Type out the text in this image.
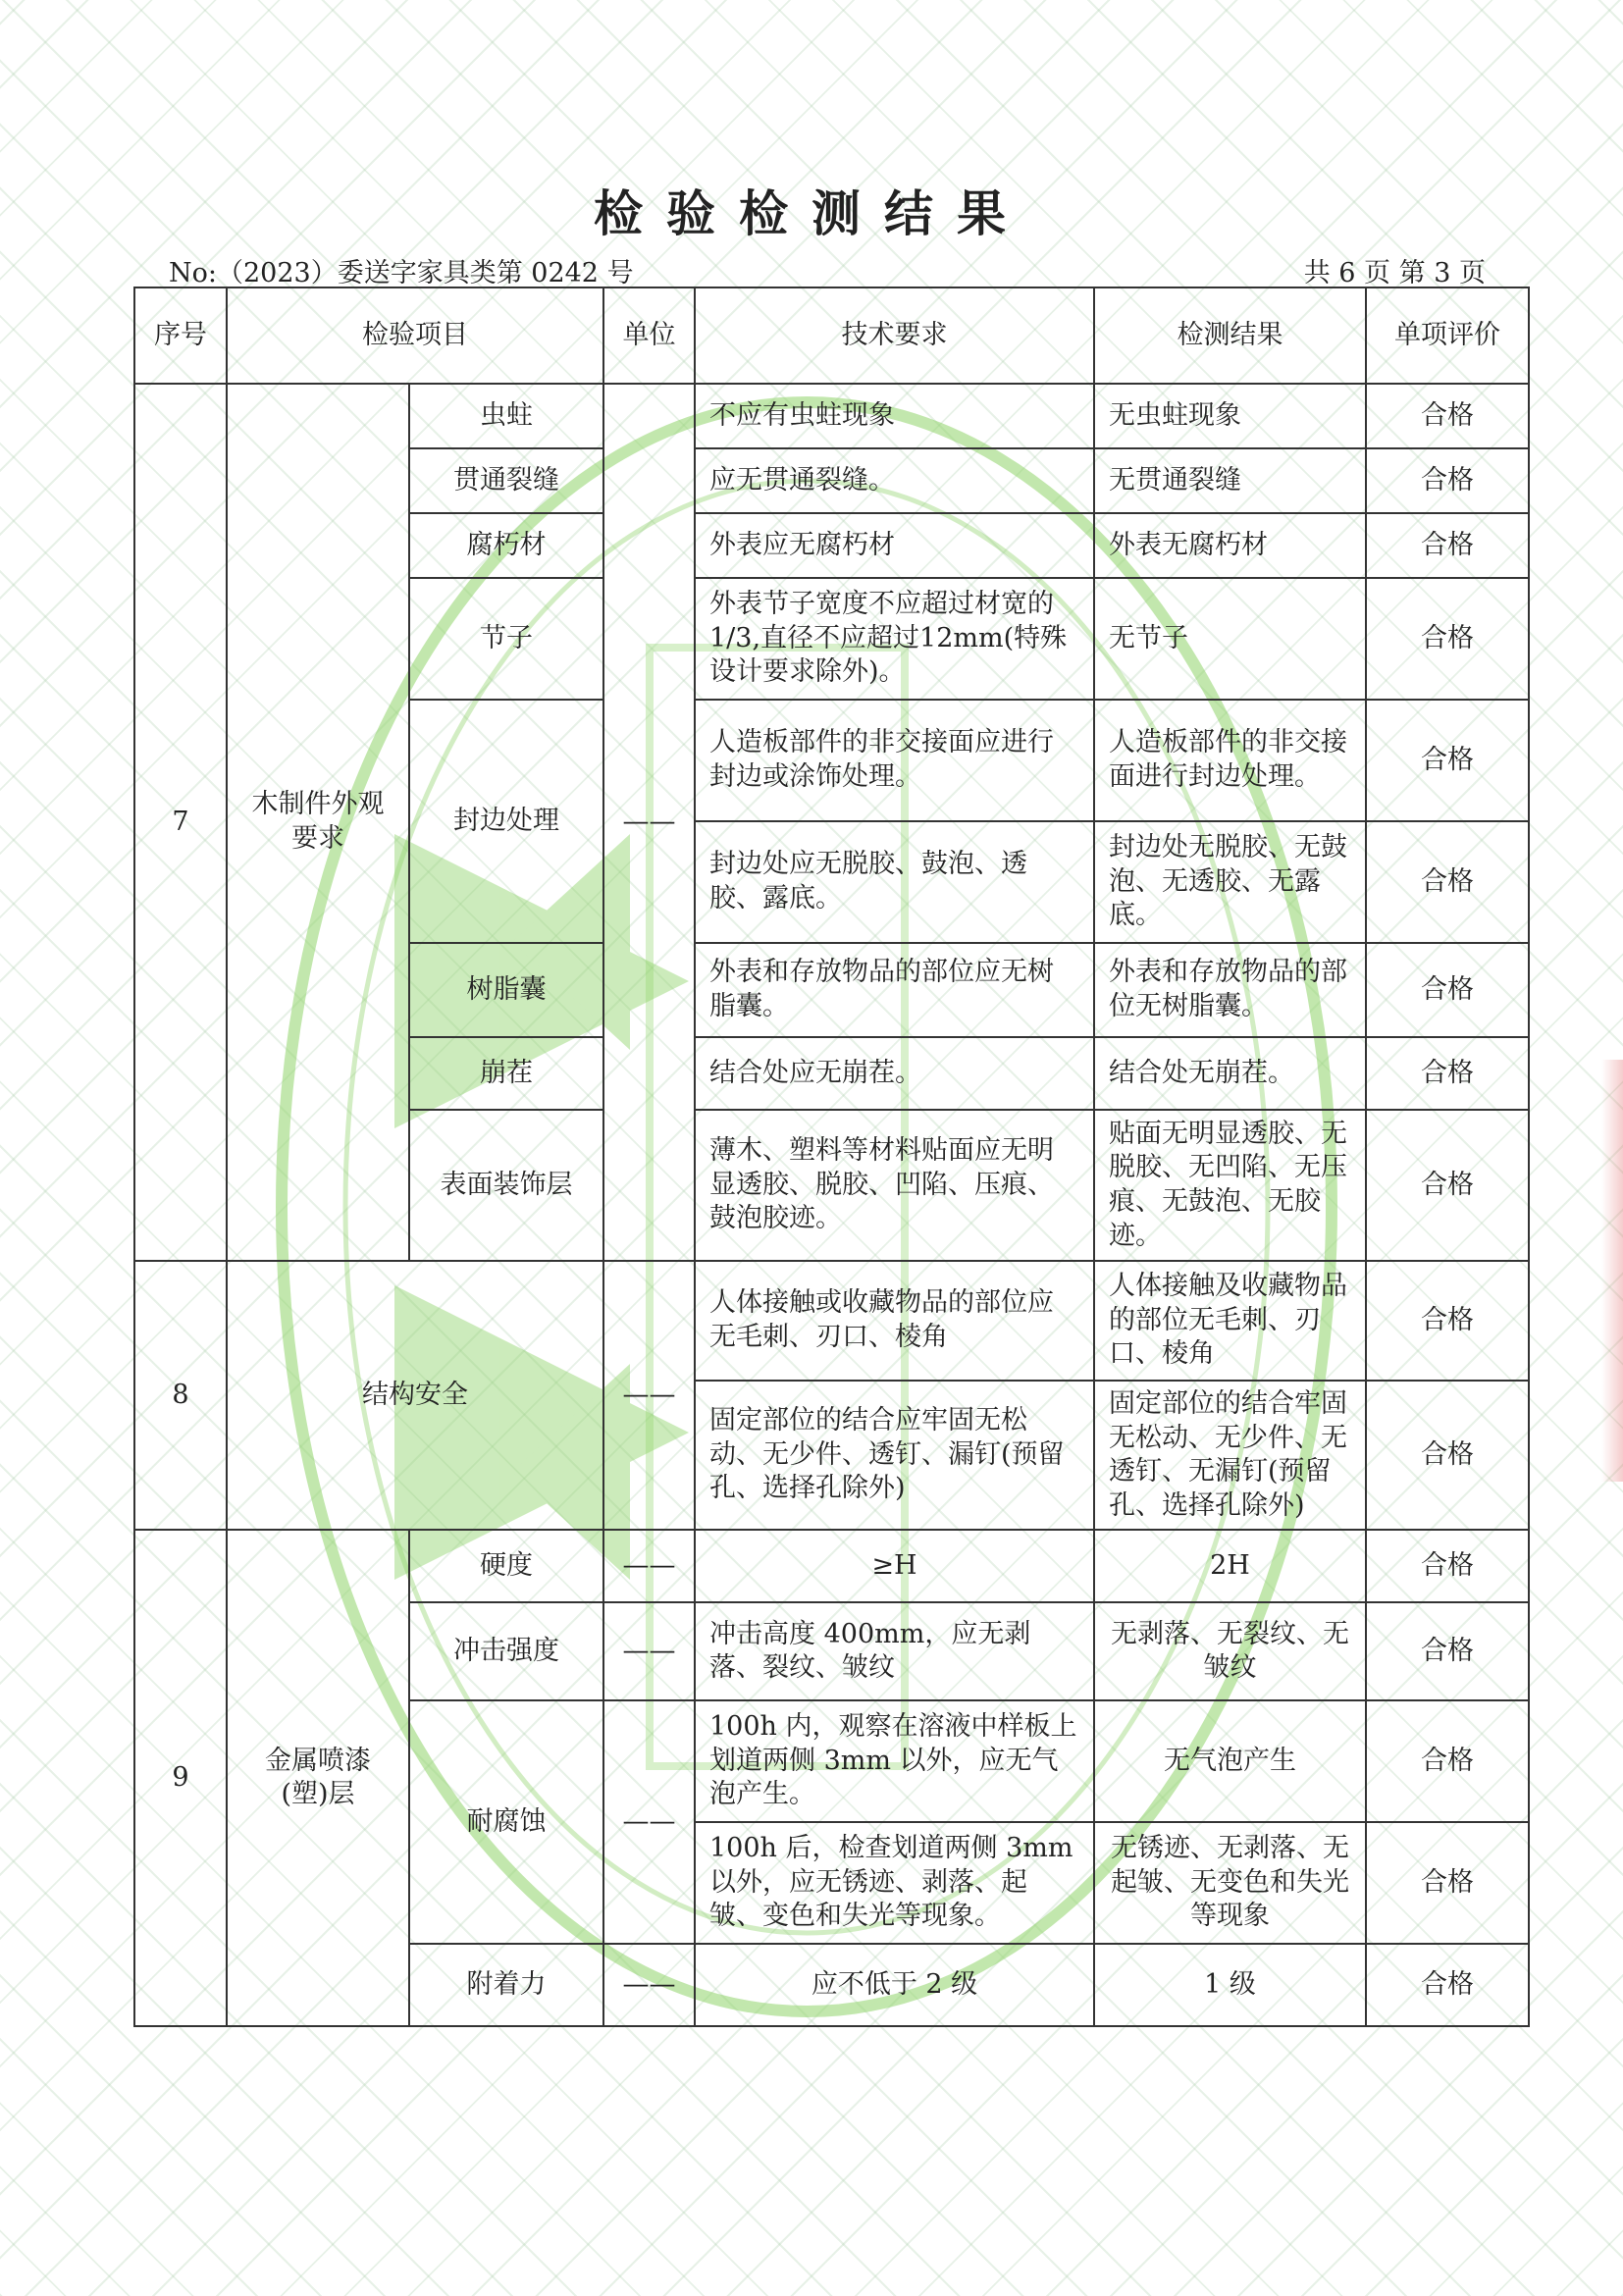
检验检测结果
No:（2023）委送字家具类第 0242 号	共 6 页 第 3 页
序号	检验项目		单位	技术要求	检测结果	单项评价
7	木制件外观要求	虫蛀	——	不应有虫蛀现象	无虫蛀现象	合格
		贯通裂缝		应无贯通裂缝。	无贯通裂缝	合格
		腐朽材		外表应无腐朽材	外表无腐朽材	合格
		节子		外表节子宽度不应超过材宽的1/3,直径不应超过12mm(特殊设计要求除外)。	无节子	合格
		封边处理		人造板部件的非交接面应进行封边或涂饰处理。	人造板部件的非交接面进行封边处理。	合格
				封边处应无脱胶、鼓泡、透胶、露底。	封边处无脱胶、无鼓泡、无透胶、无露底。	合格
		树脂囊		外表和存放物品的部位应无树脂囊。	外表和存放物品的部位无树脂囊。	合格
		崩茬		结合处应无崩茬。	结合处无崩茬。	合格
		表面装饰层		薄木、塑料等材料贴面应无明显透胶、脱胶、凹陷、压痕、鼓泡胶迹。	贴面无明显透胶、无脱胶、无凹陷、无压痕、无鼓泡、无胶迹。	合格

8	结构安全		——	人体接触或收藏物品的部位应无毛刺、刃口、棱角	人体接触及收藏物品的部位无毛刺、刃口、棱角	合格
				固定部位的结合应牢固无松动、无少件、透钉、漏钉(预留孔、选择孔除外)	固定部位的结合牢固无松动、无少件、无透钉、无漏钉(预留孔、选择孔除外)	合格
9	金属喷漆(塑)层	硬度	——	≥H	2H	合格
		冲击强度	——	冲击高度 400mm，应无剥落、裂纹、皱纹	无剥落、无裂纹、无皱纹	合格
		耐腐蚀	——	100h 内，观察在溶液中样板上划道两侧 3mm 以外，应无气泡产生。	无气泡产生	合格
				100h 后，检查划道两侧 3mm 以外，应无锈迹、剥落、起皱、变色和失光等现象。	无锈迹、无剥落、无起皱、无变色和失光等现象	合格
		附着力	——	应不低于 2 级	1 级	合格
